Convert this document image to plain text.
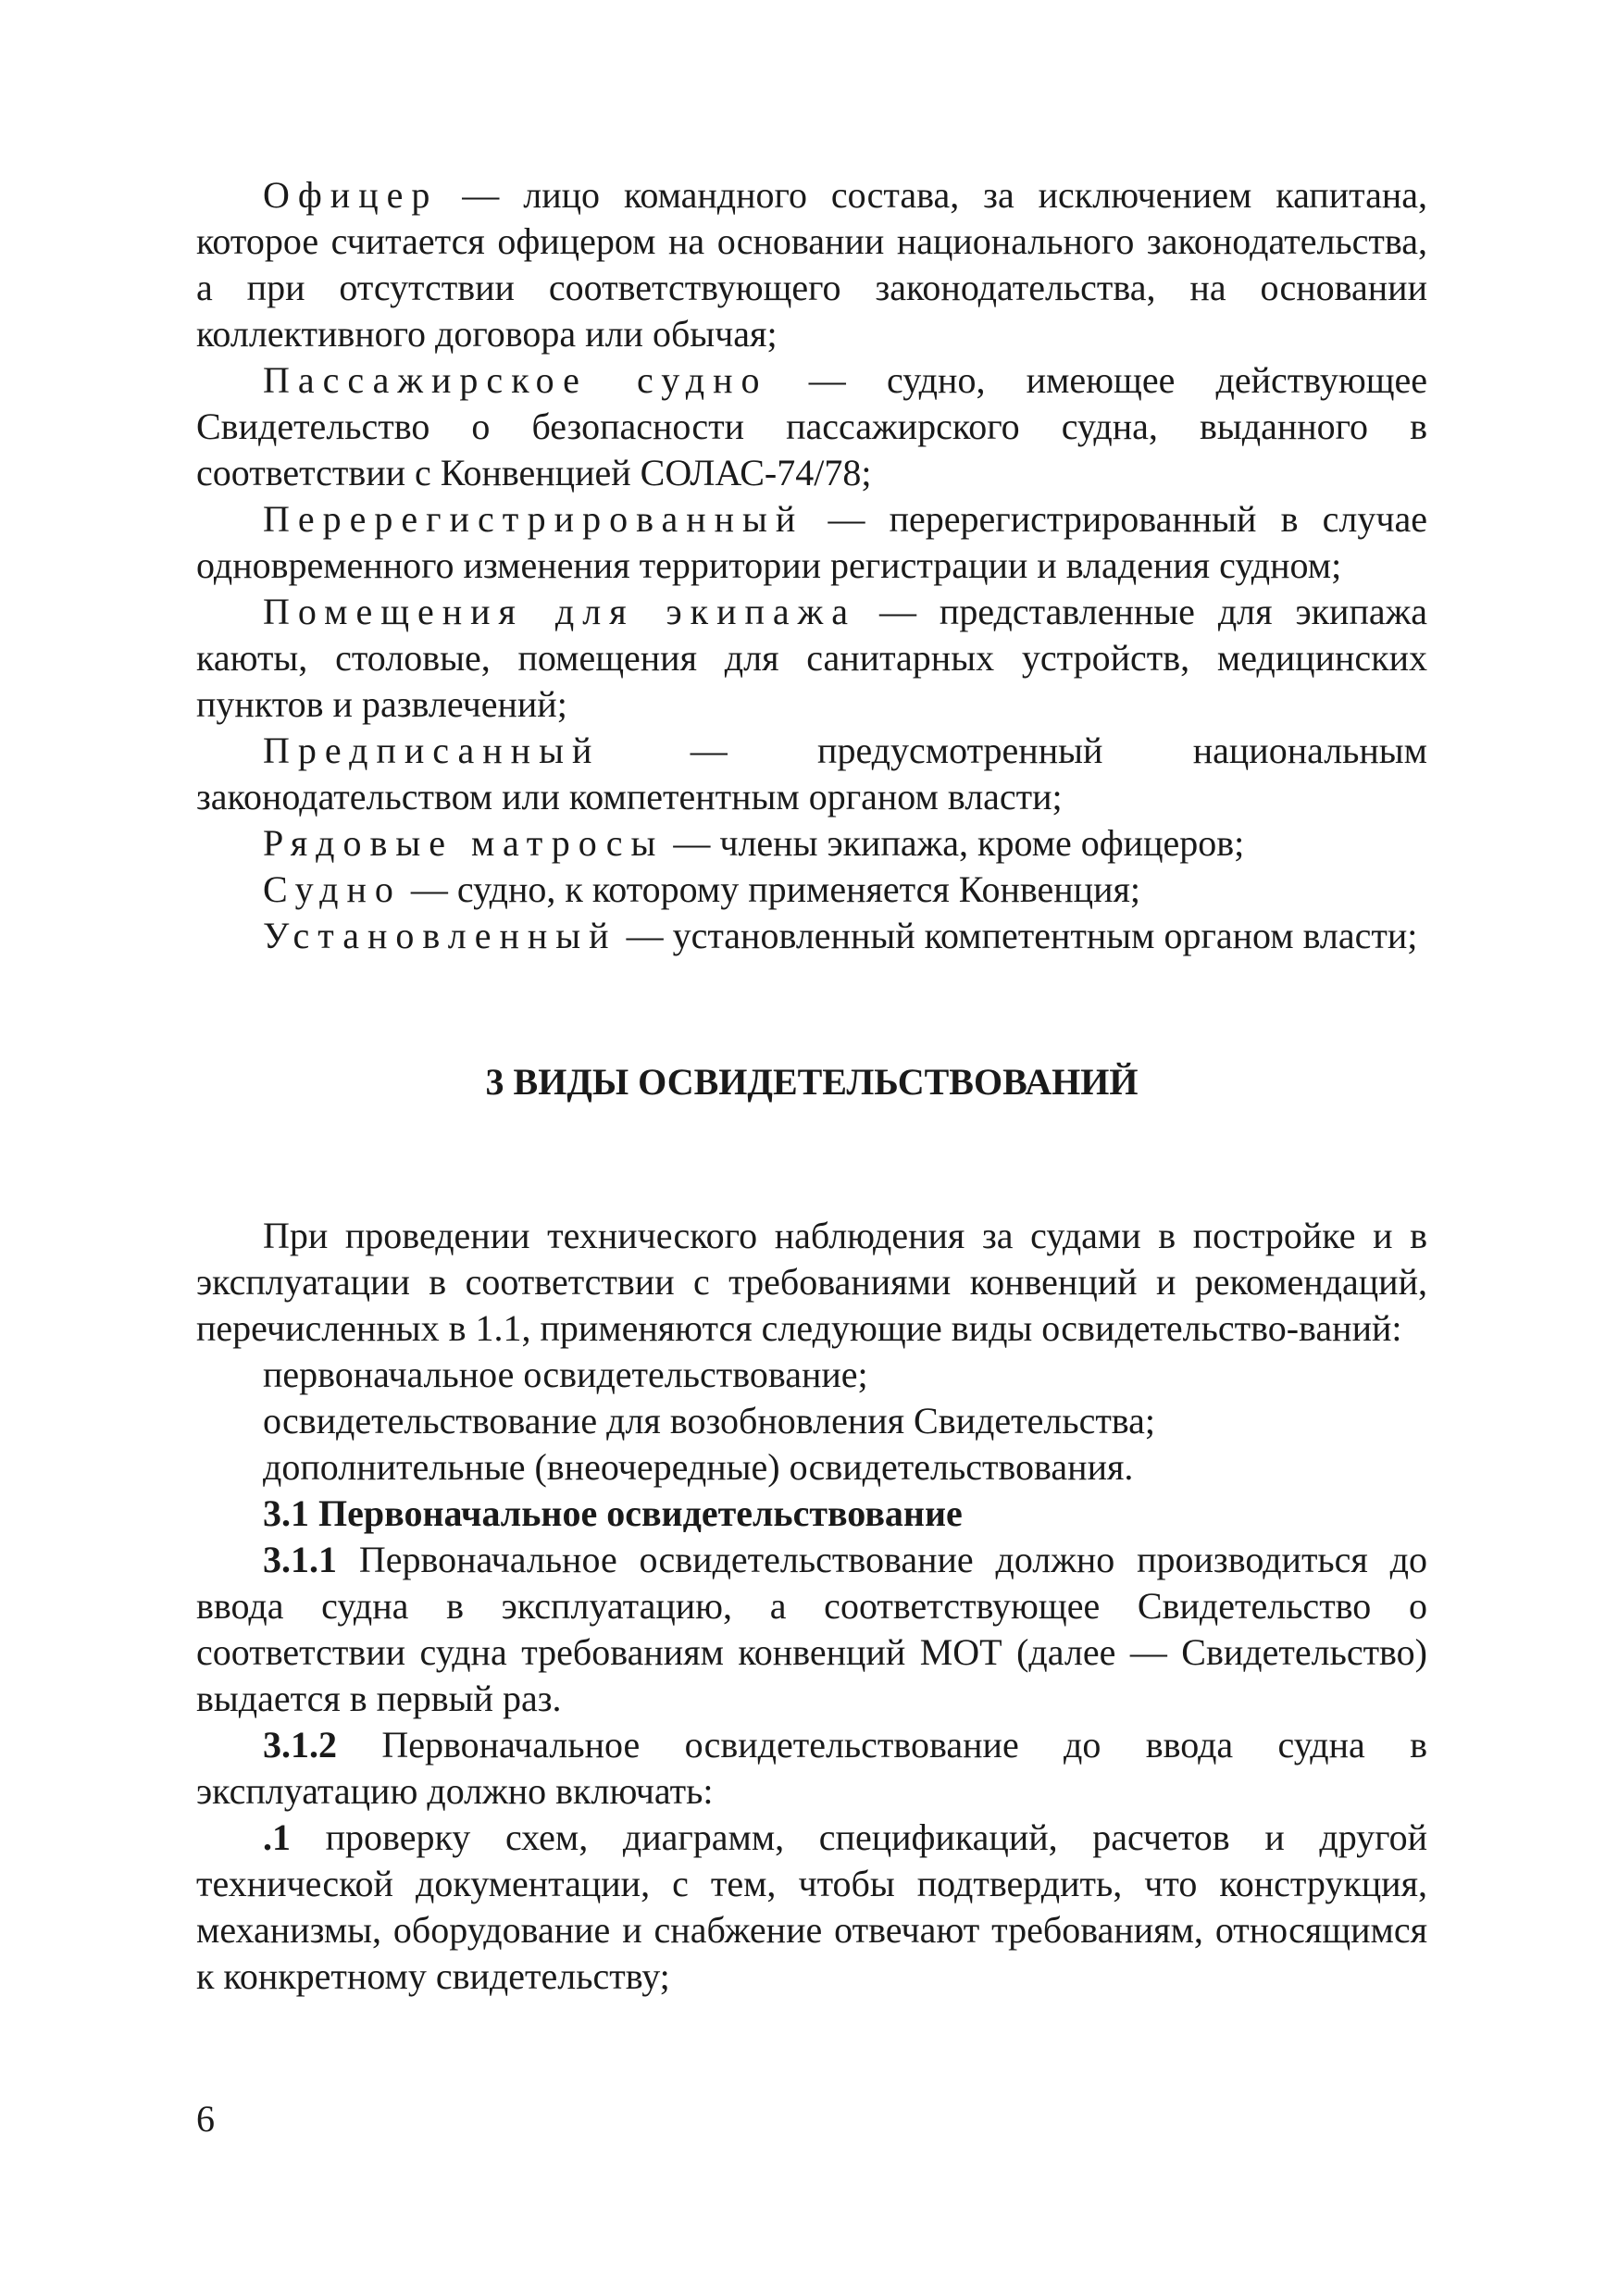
Офицер — лицо командного состава, за исключением капитана, которое считается офицером на основании национального законодательства, а при отсутствии соответствующего законодательства, на основании коллективного договора или обычая;

Пассажирское судно — судно, имеющее действующее Свидетельство о безопасности пассажирского судна, выданного в соответствии с Конвенцией СОЛАС-74/78;

Перерегистрированный — перерегистрированный в случае одновременного изменения территории регистрации и владения судном;

Помещения для экипажа — представленные для экипажа каюты, столовые, помещения для санитарных устройств, медицинских пунктов и развлечений;

Предписанный — предусмотренный национальным законодательством или компетентным органом власти;

Рядовые матросы — члены экипажа, кроме офицеров;

Судно — судно, к которому применяется Конвенция;

Установленный — установленный компетентным органом власти;

3 ВИДЫ ОСВИДЕТЕЛЬСТВОВАНИЙ

При проведении технического наблюдения за судами в постройке и в эксплуатации в соответствии с требованиями конвенций и рекомендаций, перечисленных в 1.1, применяются следующие виды освидетельство-ваний:

первоначальное освидетельствование;

освидетельствование для возобновления Свидетельства;

дополнительные (внеочередные) освидетельствования.

3.1 Первоначальное освидетельствование

3.1.1 Первоначальное освидетельствование должно производиться до ввода судна в эксплуатацию, а соответствующее Свидетельство о соответствии судна требованиям конвенций МОТ (далее — Свидетельство) выдается в первый раз.

3.1.2 Первоначальное освидетельствование до ввода судна в эксплуатацию должно включать:

.1 проверку схем, диаграмм, спецификаций, расчетов и другой технической документации, с тем, чтобы подтвердить, что конструкция, механизмы, оборудование и снабжение отвечают требованиям, относящимся к конкретному свидетельству;

6
